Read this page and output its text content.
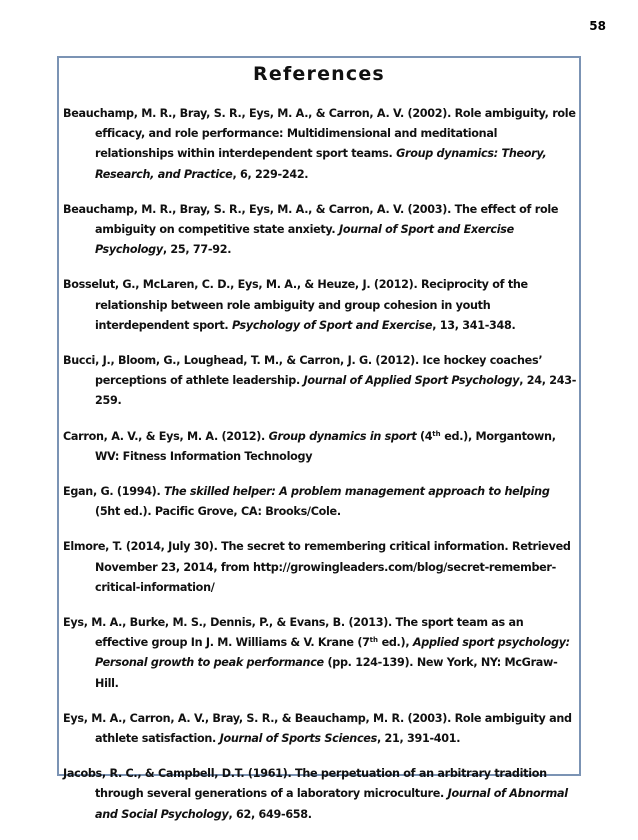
58
References

Beauchamp, M. R., Bray, S. R., Eys, M. A., & Carron, A. V. (2002). Role ambiguity, role efficacy, and role performance: Multidimensional and meditational relationships within interdependent sport teams. Group dynamics: Theory, Research, and Practice, 6, 229-242.

Beauchamp, M. R., Bray, S. R., Eys, M. A., & Carron, A. V. (2003). The effect of role ambiguity on competitive state anxiety. Journal of Sport and Exercise Psychology, 25, 77-92.

Bosselut, G., McLaren, C. D., Eys, M. A., & Heuze, J. (2012). Reciprocity of the relationship between role ambiguity and group cohesion in youth interdependent sport. Psychology of Sport and Exercise, 13, 341-348.

Bucci, J., Bloom, G., Loughead, T. M., & Carron, J. G. (2012). Ice hockey coaches’ perceptions of athlete leadership. Journal of Applied Sport Psychology, 24, 243-259.

Carron, A. V., & Eys, M. A. (2012). Group dynamics in sport (4th ed.), Morgantown, WV: Fitness Information Technology

Egan, G. (1994). The skilled helper: A problem management approach to helping (5ht ed.). Pacific Grove, CA: Brooks/Cole.

Elmore, T. (2014, July 30). The secret to remembering critical information. Retrieved November 23, 2014, from http://growingleaders.com/blog/secret-remember-critical-information/

Eys, M. A., Burke, M. S., Dennis, P., & Evans, B. (2013). The sport team as an effective group In J. M. Williams & V. Krane (7th ed.), Applied sport psychology: Personal growth to peak performance (pp. 124-139). New York, NY: McGraw-Hill.

Eys, M. A., Carron, A. V., Bray, S. R., & Beauchamp, M. R. (2003). Role ambiguity and athlete satisfaction. Journal of Sports Sciences, 21, 391-401.

Jacobs, R. C., & Campbell, D.T. (1961). The perpetuation of an arbitrary tradition through several generations of a laboratory microculture. Journal of Abnormal and Social Psychology, 62, 649-658.
